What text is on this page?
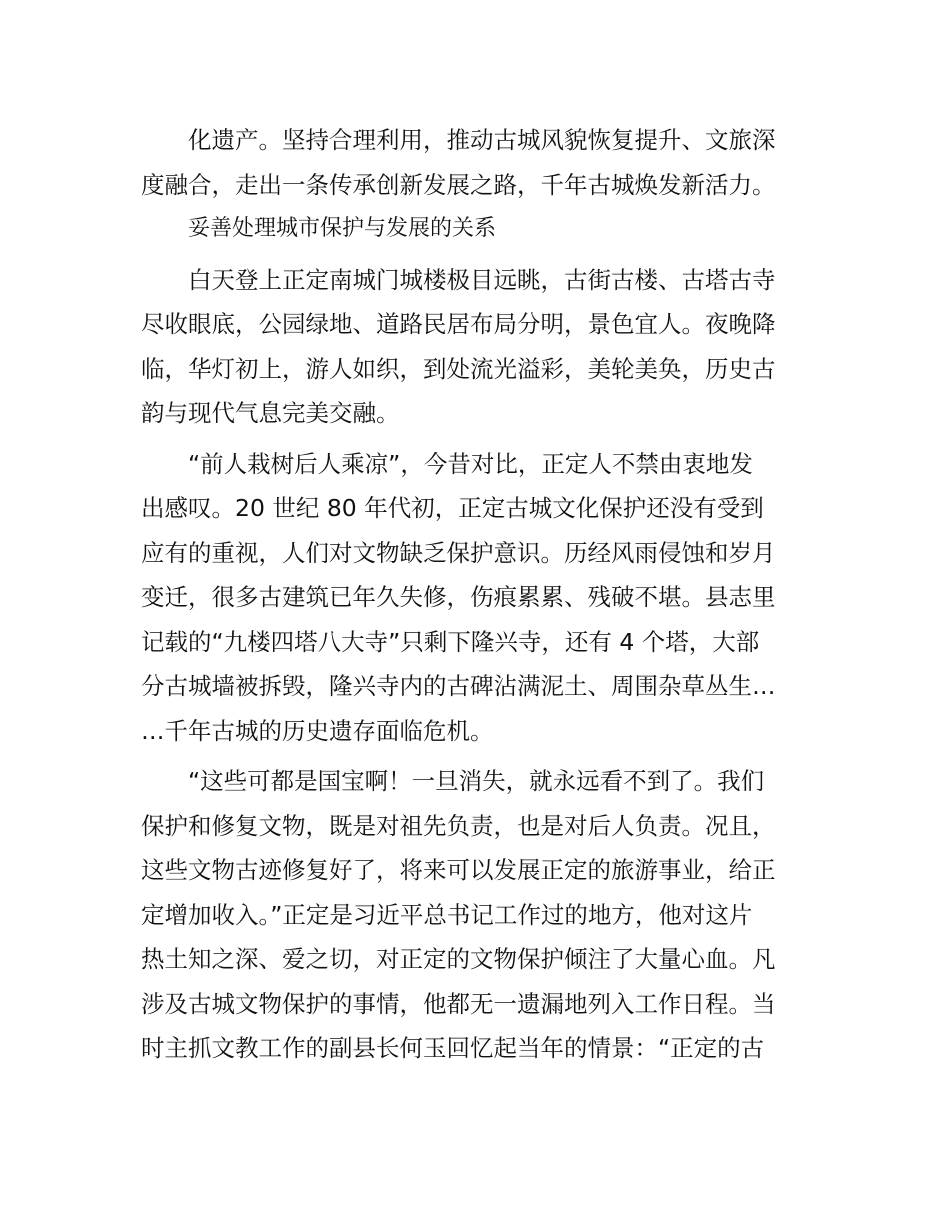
化遗产。坚持合理利用，推动古城风貌恢复提升、文旅深
度融合，走出一条传承创新发展之路，千年古城焕发新活力。
妥善处理城市保护与发展的关系
白天登上正定南城门城楼极目远眺，古街古楼、古塔古寺
尽收眼底，公园绿地、道路民居布局分明，景色宜人。夜晚降
临，华灯初上，游人如织，到处流光溢彩，美轮美奂，历史古
韵与现代气息完美交融。
“前人栽树后人乘凉”，今昔对比，正定人不禁由衷地发
出感叹。20 世纪 80 年代初，正定古城文化保护还没有受到
应有的重视，人们对文物缺乏保护意识。历经风雨侵蚀和岁月
变迁，很多古建筑已年久失修，伤痕累累、残破不堪。县志里
记载的“九楼四塔八大寺”只剩下隆兴寺，还有 4 个塔，大部
分古城墙被拆毁，隆兴寺内的古碑沾满泥土、周围杂草丛生…
…千年古城的历史遗存面临危机。
“这些可都是国宝啊！一旦消失，就永远看不到了。我们
保护和修复文物，既是对祖先负责，也是对后人负责。况且，
这些文物古迹修复好了，将来可以发展正定的旅游事业，给正
定增加收入。”正定是习近平总书记工作过的地方，他对这片
热土知之深、爱之切，对正定的文物保护倾注了大量心血。凡
涉及古城文物保护的事情，他都无一遗漏地列入工作日程。当
时主抓文教工作的副县长何玉回忆起当年的情景：“正定的古
